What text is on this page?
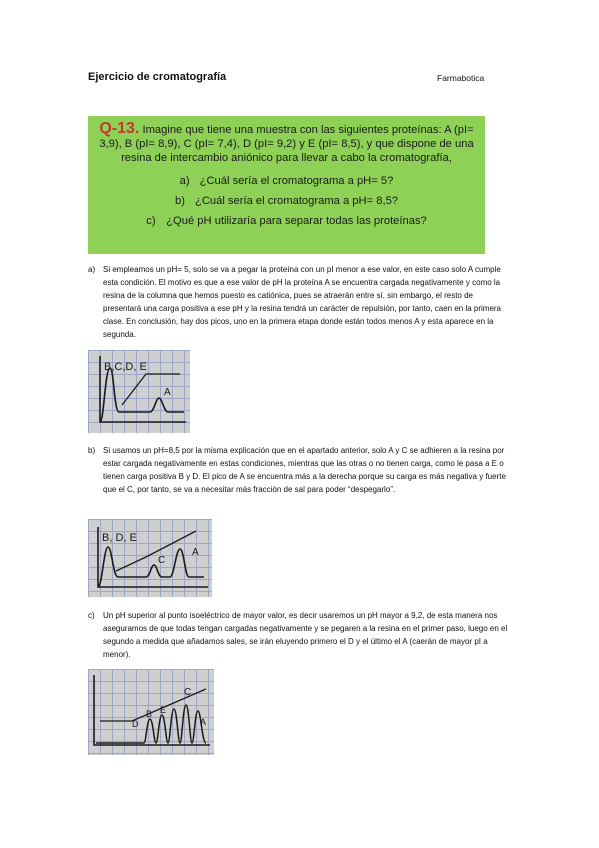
Ejercicio de cromatografía	Farmabotica
Q-13. Imagine que tiene una muestra con las siguientes proteínas: A (pI= 3,9), B (pI= 8,9), C (pI= 7,4), D (pI= 9,2) y E (pI= 8,5), y que dispone de una resina de intercambio aniónico para llevar a cabo la cromatografía,
a) ¿Cuál sería el cromatograma a pH= 5?
b) ¿Cuál sería el cromatograma a pH= 8,5?
c) ¿Qué pH utilizaría para separar todas las proteínas?
a) Si empleamos un pH= 5, solo se va a pegar la proteína con un pI menor a ese valor, en este caso solo A cumple esta condición. El motivo es que a ese valor de pH la proteína A se encuentra cargada negativamente y como la resina de la columna que hemos puesto es catiónica, pues se atraerán entre sí, sin embargo, el resto de presentará una carga positiva a ese pH y la resina tendrá un carácter de repulsión, por tanto, caen en la primera clase. En conclusión, hay dos picos, uno en la primera etapa donde están todos menos A y esta aparece en la segunda.
B,C,D, E
A
b) Si usamos un pH=8,5 por la misma explicación que en el apartado anterior, solo A y C se adhieren a la resina por estar cargada negativamente en estas condiciones, mientras que las otras o no tienen carga, como le pasa a E o tienen carga positiva B y D. El pico de A se encuentra más a la derecha porque su carga es más negativa y fuerte que el C, por tanto, se va a necesitar más fracción de sal para poder “despegarlo”.
B, D, E
C
A
c) Un pH superior al punto isoeléctrico de mayor valor, es decir usaremos un pH mayor a 9,2, de esta manera nos aseguramos de que todas tengan cargadas negativamente y se pegaren a la resina en el primer paso, luego en el segundo a medida que añadamos sales, se irán eluyendo primero el D y el último el A (caerán de mayor pI a menor).
D
B E
C
A
